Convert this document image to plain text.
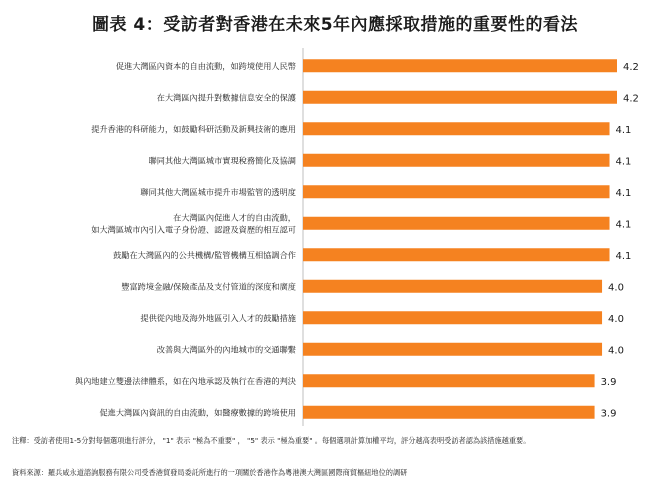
圖表 4：受訪者對香港在未來5年內應採取措施的重要性的看法
4.2
促進大灣區內資本的自由流動，如跨境使用人民幣
4.2
在大灣區內提升對數據信息安全的保護
4.1
提升香港的科研能力，如鼓勵科研活動及新興技術的應用
4.1
聯同其他大灣區城市實現稅務簡化及協調
4.1
聯同其他大灣區城市提升市場監管的透明度
4.1
在大灣區內促進人才的自由流動，
如大灣區城市內引入電子身份證、認證及資歷的相互認可
4.1
鼓勵在大灣區內的公共機構/監管機構互相協調合作
4.0
豐富跨境金融/保險產品及支付管道的深度和廣度
4.0
提供從內地及海外地區引入人才的鼓勵措施
4.0
改善與大灣區外的內地城市的交通聯繫
3.9
與內地建立雙邊法律體系，如在內地承認及執行在香港的判決
3.9
促進大灣區內資訊的自由流動，如醫療數據的跨境使用
注釋：受訪者使用1-5分對每個選項進行評分， "1" 表示 "極為不重要" ， "5" 表示 "極為重要" 。每個選項計算加權平均，評分越高表明受訪者認為該措施越重要。
資料來源：羅兵咸永道諮詢服務有限公司受香港貿發局委託所進行的一項關於香港作為粵港澳大灣區國際商貿樞紐地位的調研
